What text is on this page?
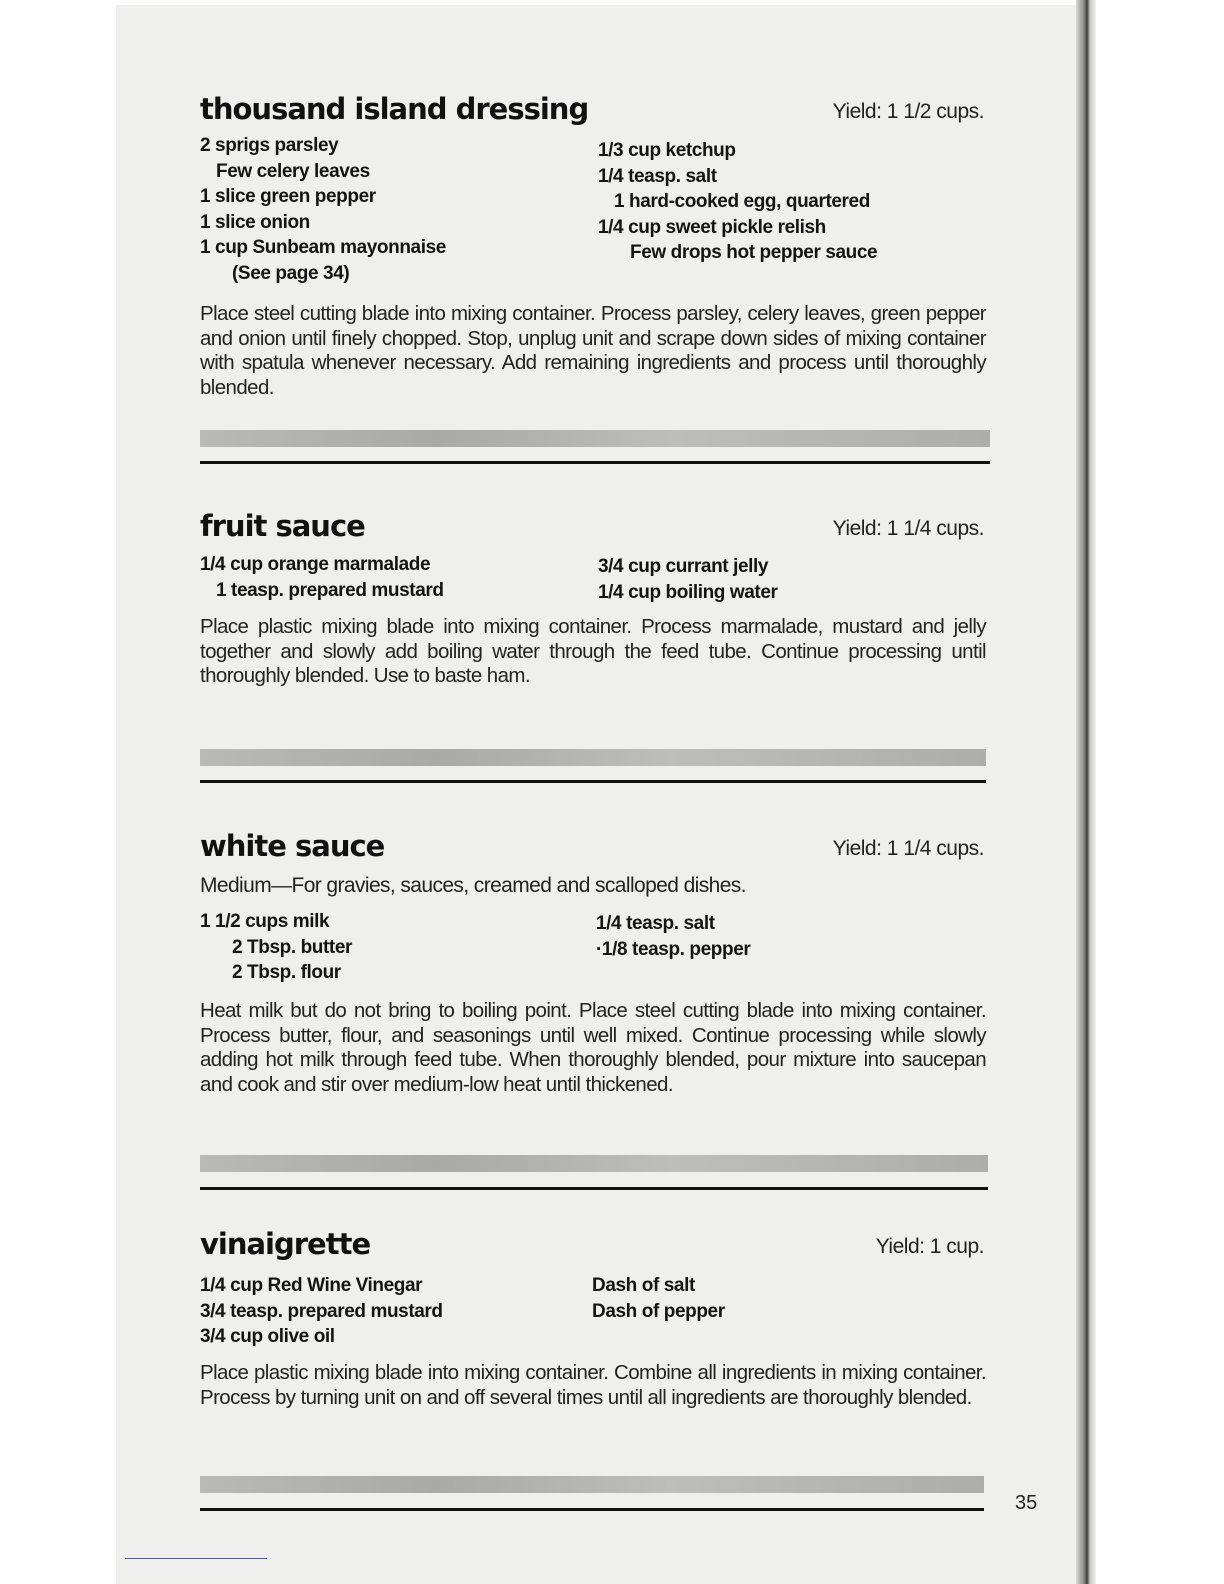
thousand island dressing	Yield: 1 1/2 cups.
2 sprigs parsley
Few celery leaves
1 slice green pepper
1 slice onion
1 cup Sunbeam mayonnaise
(See page 34)
1/3 cup ketchup
1/4 teasp. salt
1 hard-cooked egg, quartered
1/4 cup sweet pickle relish
Few drops hot pepper sauce
Place steel cutting blade into mixing container. Process parsley, celery leaves, green pepper and onion until finely chopped. Stop, unplug unit and scrape down sides of mixing container with spatula whenever necessary. Add remaining ingredients and process until thoroughly blended.
fruit sauce	Yield: 1 1/4 cups.
1/4 cup orange marmalade
1 teasp. prepared mustard
3/4 cup currant jelly
1/4 cup boiling water
Place plastic mixing blade into mixing container. Process marmalade, mustard and jelly together and slowly add boiling water through the feed tube. Continue processing until thoroughly blended. Use to baste ham.
white sauce	Yield: 1 1/4 cups.
Medium—For gravies, sauces, creamed and scalloped dishes.
1 1/2 cups milk
2 Tbsp. butter
2 Tbsp. flour
1/4 teasp. salt
·1/8 teasp. pepper
Heat milk but do not bring to boiling point. Place steel cutting blade into mixing container. Process butter, flour, and seasonings until well mixed. Continue processing while slowly adding hot milk through feed tube. When thoroughly blended, pour mixture into saucepan and cook and stir over medium-low heat until thickened.
vinaigrette	Yield: 1 cup.
1/4 cup Red Wine Vinegar
3/4 teasp. prepared mustard
3/4 cup olive oil
Dash of salt
Dash of pepper
Place plastic mixing blade into mixing container. Combine all ingredients in mixing container. Process by turning unit on and off several times until all ingredients are thoroughly blended.
35
